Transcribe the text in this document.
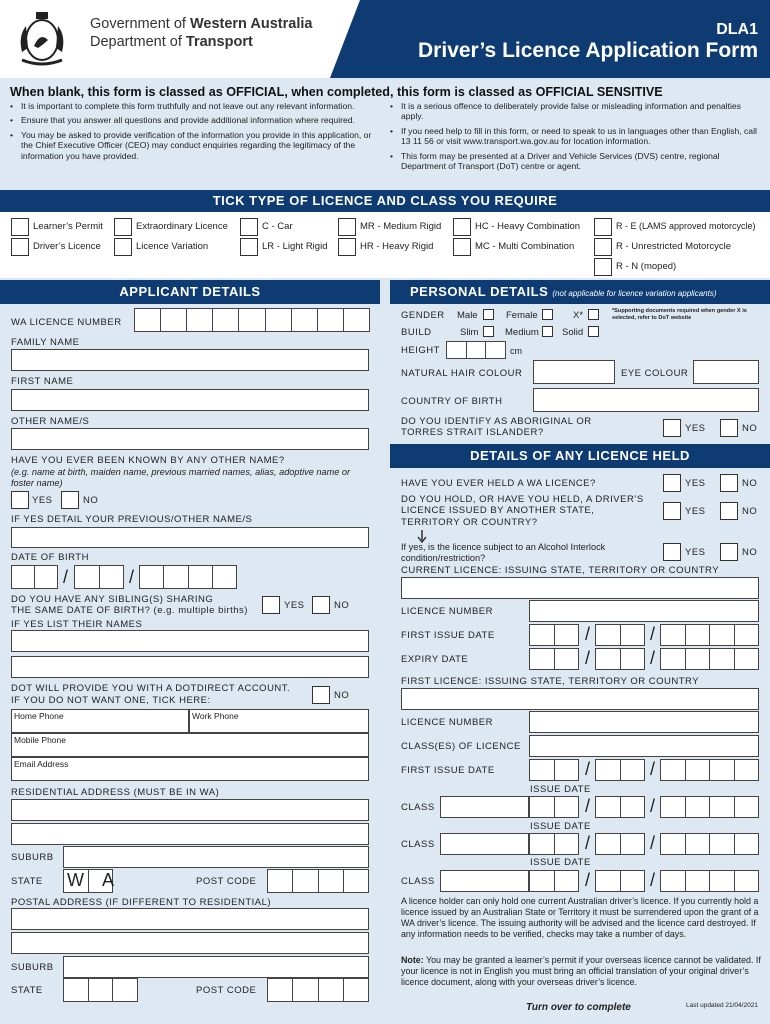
Government of Western Australia
Department of Transport
DLA1
Driver’s Licence Application Form
When blank, this form is classed as OFFICIAL, when completed, this form is classed as OFFICIAL SENSITIVE
• It is important to complete this form truthfully and not leave out any relevant information.
• Ensure that you answer all questions and provide additional information where required.
• You may be asked to provide verification of the information you provide in this application, or the Chief Executive Officer (CEO) may conduct enquiries regarding the legitimacy of the information you have provided.
• It is a serious offence to deliberately provide false or misleading information and penalties apply.
• If you need help to fill in this form, or need to speak to us in languages other than English, call 13 11 56 or visit www.transport.wa.gov.au for location information.
• This form may be presented at a Driver and Vehicle Services (DVS) centre, regional Department of Transport (DoT) centre or agent.
TICK TYPE OF LICENCE AND CLASS YOU REQUIRE
Learner’s Permit	Extraordinary Licence	C - Car	MR - Medium Rigid	HC - Heavy Combination	R - E (LAMS approved motorcycle)
Driver’s Licence	Licence Variation	LR - Light Rigid	HR - Heavy Rigid	MC - Multi Combination	R - Unrestricted Motorcycle
R - N (moped)
APPLICANT DETAILS
WA LICENCE NUMBER
FAMILY NAME
FIRST NAME
OTHER NAME/S
HAVE YOU EVER BEEN KNOWN BY ANY OTHER NAME?
(e.g. name at birth, maiden name, previous married names, alias, adoptive name or foster name)
YES	NO
IF YES DETAIL YOUR PREVIOUS/OTHER NAME/S
DATE OF BIRTH
/	/
DO YOU HAVE ANY SIBLING(S) SHARING
THE SAME DATE OF BIRTH? (e.g. multiple births)	YES	NO
IF YES LIST THEIR NAMES
DOT WILL PROVIDE YOU WITH A DOTDIRECT ACCOUNT.
IF YOU DO NOT WANT ONE, TICK HERE:	NO
Home Phone	Work Phone
Mobile Phone
Email Address
RESIDENTIAL ADDRESS (MUST BE IN WA)
SUBURB
STATE W A	POST CODE
POSTAL ADDRESS (IF DIFFERENT TO RESIDENTIAL)
SUBURB
STATE	POST CODE
PERSONAL DETAILS (not applicable for licence variation applicants)
GENDER Male	Female	X*	*Supporting documents required when gender X is selected, refer to DoT website
BUILD	Slim	Medium Solid
HEIGHT	cm
NATURAL HAIR COLOUR	EYE COLOUR
COUNTRY OF BIRTH
DO YOU IDENTIFY AS ABORIGINAL OR TORRES STRAIT ISLANDER?	YES	NO
DETAILS OF ANY LICENCE HELD
HAVE YOU EVER HELD A WA LICENCE?	YES	NO
DO YOU HOLD, OR HAVE YOU HELD, A DRIVER’S LICENCE ISSUED BY ANOTHER STATE, TERRITORY OR COUNTRY?
YES	NO
If yes, is the licence subject to an Alcohol Interlock condition/restriction?
YES	NO
CURRENT LICENCE: ISSUING STATE, TERRITORY OR COUNTRY
LICENCE NUMBER
FIRST ISSUE DATE	/	/
EXPIRY DATE	/	/
FIRST LICENCE: ISSUING STATE, TERRITORY OR COUNTRY
LICENCE NUMBER
CLASS(ES) OF LICENCE
FIRST ISSUE DATE	/	/
ISSUE DATE
CLASS	/	/
ISSUE DATE
CLASS	/	/
ISSUE DATE
CLASS	/	/
A licence holder can only hold one current Australian driver’s licence. If you currently hold a licence issued by an Australian State or Territory it must be surrendered upon the grant of a WA driver’s licence. The issuing authority will be advised and the licence card destroyed. If any information needs to be verified, checks may take a number of days.
Note: You may be granted a learner’s permit if your overseas licence cannot be validated. If your licence is not in English you must bring an official translation of your original driver’s licence document, along with your overseas driver’s licence.
Turn over to complete	Last updated 21/04/2021
